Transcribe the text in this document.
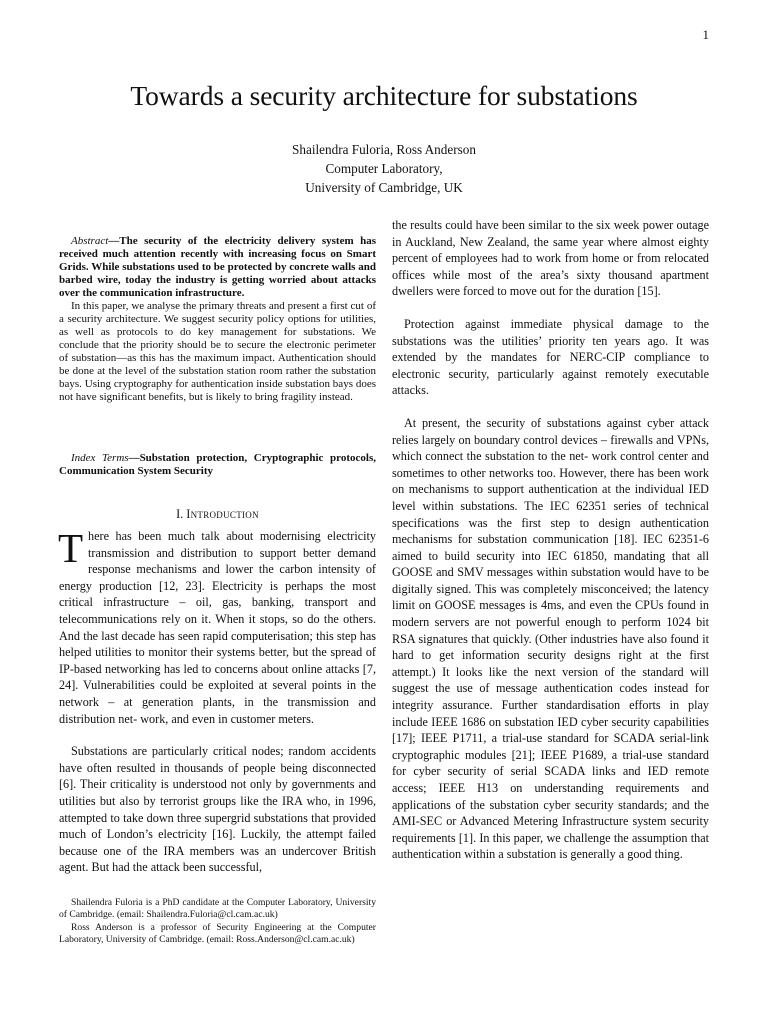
1
Towards a security architecture for substations
Shailendra Fuloria, Ross Anderson
Computer Laboratory,
University of Cambridge, UK

Abstract—The security of the electricity delivery system has received much attention recently with increasing focus on Smart Grids. While substations used to be protected by concrete walls and barbed wire, today the industry is getting worried about attacks over the communication infrastructure.

In this paper, we analyse the primary threats and present a first cut of a security architecture. We suggest security policy options for utilities, as well as protocols to do key management for substations. We conclude that the priority should be to secure the electronic perimeter of substation—as this has the maximum impact. Authentication should be done at the level of the substation station room rather the substation bays. Using cryptography for authentication inside substation bays does not have significant benefits, but is likely to bring fragility instead.

Index Terms—Substation protection, Cryptographic protocols, Communication System Security
I. Introduction

There has been much talk about modernising electricity transmission and distribution to support better demand response mechanisms and lower the carbon intensity of energy production [12, 23]. Electricity is perhaps the most critical infrastructure – oil, gas, banking, transport and telecommunications rely on it. When it stops, so do the others. And the last decade has seen rapid computerisation; this step has helped utilities to monitor their systems better, but the spread of IP-based networking has led to concerns about online attacks [7, 24]. Vulnerabilities could be exploited at several points in the network – at generation plants, in the transmission and distribution net- work, and even in customer meters.

Substations are particularly critical nodes; random accidents have often resulted in thousands of people being disconnected [6]. Their criticality is understood not only by governments and utilities but also by terrorist groups like the IRA who, in 1996, attempted to take down three supergrid substations that provided much of London’s electricity [16]. Luckily, the attempt failed because one of the IRA members was an undercover British agent. But had the attack been successful,

the results could have been similar to the six week power outage in Auckland, New Zealand, the same year where almost eighty percent of employees had to work from home or from relocated offices while most of the area’s sixty thousand apartment dwellers were forced to move out for the duration [15].

Protection against immediate physical damage to the substations was the utilities’ priority ten years ago. It was extended by the mandates for NERC-CIP compliance to electronic security, particularly against remotely executable attacks.

At present, the security of substations against cyber attack relies largely on boundary control devices – firewalls and VPNs, which connect the substation to the net- work control center and sometimes to other networks too. However, there has been work on mechanisms to support authentication at the individual IED level within substations. The IEC 62351 series of technical specifications was the first step to design authentication mechanisms for substation communication [18]. IEC 62351-6 aimed to build security into IEC 61850, mandating that all GOOSE and SMV messages within substation would have to be digitally signed. This was completely misconceived; the latency limit on GOOSE messages is 4ms, and even the CPUs found in modern servers are not powerful enough to perform 1024 bit RSA signatures that quickly. (Other industries have also found it hard to get information security designs right at the first attempt.) It looks like the next version of the standard will suggest the use of message authentication codes instead for integrity assurance. Further standardisation efforts in play include IEEE 1686 on substation IED cyber security capabilities [17]; IEEE P1711, a trial-use standard for SCADA serial-link cryptographic modules [21]; IEEE P1689, a trial-use standard for cyber security of serial SCADA links and IED remote access; IEEE H13 on understanding requirements and applications of the substation cyber security standards; and the AMI-SEC or Advanced Metering Infrastructure system security requirements [1]. In this paper, we challenge the assumption that authentication within a substation is generally a good thing.

Shailendra Fuloria is a PhD candidate at the Computer Laboratory, University of Cambridge. (email: Shailendra.Fuloria@cl.cam.ac.uk)

Ross Anderson is a professor of Security Engineering at the Computer Laboratory, University of Cambridge. (email: Ross.Anderson@cl.cam.ac.uk)
